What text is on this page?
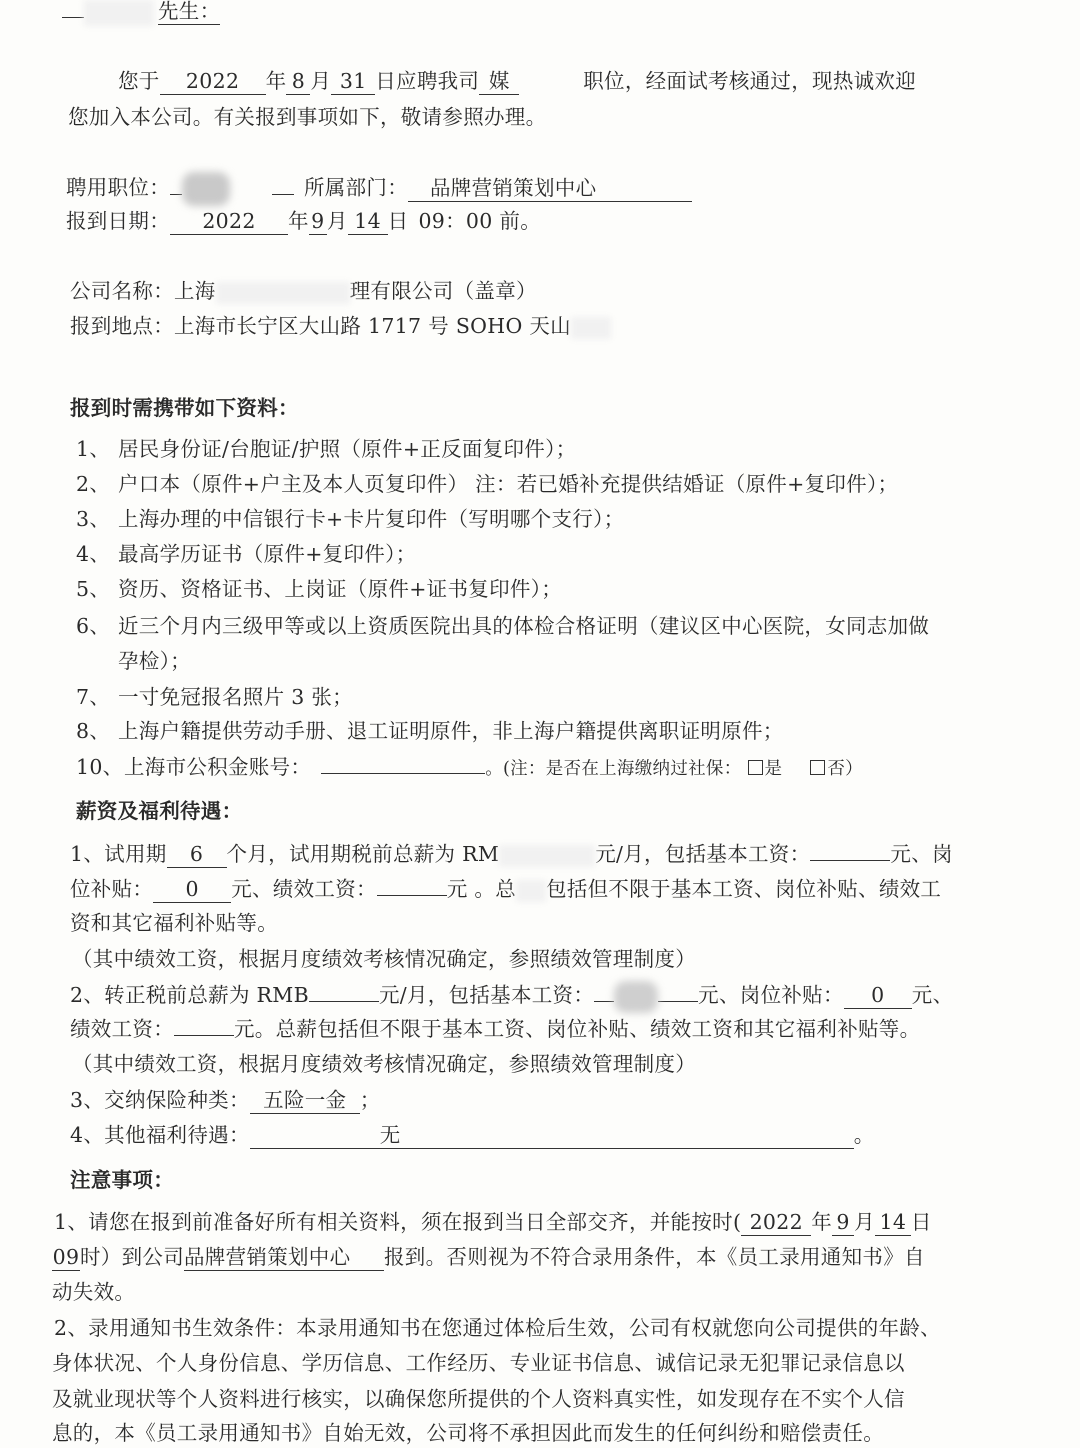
先生：
您于 2022 年 8 月 31 日应聘我司 媒	职位，经面试考核通过，现热诚欢迎
您加入本公司。有关报到事项如下，敬请参照办理。
聘用职位：	所属部门： 品牌营销策划中心
报到日期： 2022 年 9 月 14 日 09：00 前。
公司名称：上海	理有限公司（盖章）
报到地点：上海市长宁区大山路 1717 号 SOHO 天山
报到时需携带如下资料：
1、 居民身份证/台胞证/护照（原件+正反面复印件）；
2、 户口本（原件+户主及本人页复印件） 注：若已婚补充提供结婚证（原件+复印件）；
3、 上海办理的中信银行卡+卡片复印件（写明哪个支行）；
4、 最高学历证书（原件+复印件）；
5、 资历、资格证书、上岗证（原件+证书复印件）；
6、 近三个月内三级甲等或以上资质医院出具的体检合格证明（建议区中心医院，女同志加做
孕检）；
7、 一寸免冠报名照片 3 张；
8、 上海户籍提供劳动手册、退工证明原件，非上海户籍提供离职证明原件；
10、上海市公积金账号：	。(注：是否在上海缴纳过社保： 是	否）
薪资及福利待遇：
1、试用期 6 个月，试用期税前总薪为 RM	元/月，包括基本工资：	元、岗
位补贴： 0 元、绩效工资：	元 。总 包括但不限于基本工资、岗位补贴、绩效工
资和其它福利补贴等。
（其中绩效工资，根据月度绩效考核情况确定，参照绩效管理制度）
2、转正税前总薪为 RMB	元/月，包括基本工资：	元、岗位补贴： 0 元、
绩效工资：	元。总薪包括但不限于基本工资、岗位补贴、绩效工资和其它福利补贴等。
（其中绩效工资，根据月度绩效考核情况确定，参照绩效管理制度）
3、交纳保险种类： 五险一金 ；
4、其他福利待遇：	无	。
注意事项：
1、请您在报到前准备好所有相关资料，须在报到当日全部交齐，并能按时( 2022 年 9 月 14 日
09时）到公司品牌营销策划中心 报到。否则视为不符合录用条件，本《员工录用通知书》自
动失效。
2、录用通知书生效条件：本录用通知书在您通过体检后生效，公司有权就您向公司提供的年龄、
身体状况、个人身份信息、学历信息、工作经历、专业证书信息、诚信记录无犯罪记录信息以
及就业现状等个人资料进行核实，以确保您所提供的个人资料真实性，如发现存在不实个人信
息的，本《员工录用通知书》自始无效，公司将不承担因此而发生的任何纠纷和赔偿责任。
